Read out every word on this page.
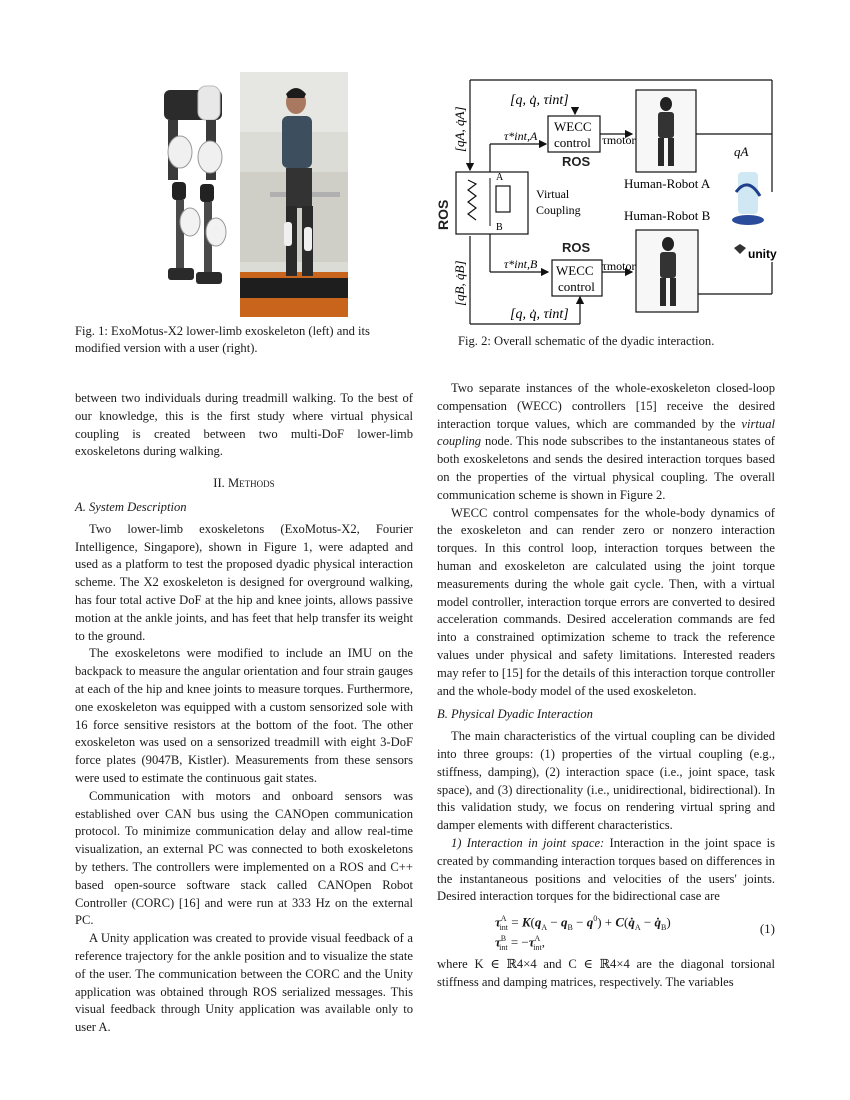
Fig. 1: ExoMotus-X2 lower-limb exoskeleton (left) and its modified version with a user (right).
[q, q̇, τint]
A
B
Virtual
Coupling
ROS
WECC
control
ROS
τ*int,A	τmotor
Human-Robot A
qA
unity
ROS
τ*int,B WECC
control
τmotor
Human-Robot B
[q, q̇, τint]
[qA, q̇A]
[qB, q̇B]
Fig. 2: Overall schematic of the dyadic interaction.

between two individuals during treadmill walking. To the best of our knowledge, this is the first study where virtual physical coupling is created between two multi-DoF lower-limb exoskeletons during walking.

II. Methods
A. System Description

Two lower-limb exoskeletons (ExoMotus-X2, Fourier Intelligence, Singapore), shown in Figure 1, were adapted and used as a platform to test the proposed dyadic physical interaction scheme. The X2 exoskeleton is designed for overground walking, has four total active DoF at the hip and knee joints, allows passive motion at the ankle joints, and has feet that help transfer its weight to the ground.

The exoskeletons were modified to include an IMU on the backpack to measure the angular orientation and four strain gauges at each of the hip and knee joints to measure torques. Furthermore, one exoskeleton was equipped with a custom sensorized sole with 16 force sensitive resistors at the bottom of the foot. The other exoskeleton was used on a sensorized treadmill with eight 3-DoF force plates (9047B, Kistler). Measurements from these sensors were used to estimate the continuous gait states.

Communication with motors and onboard sensors was established over CAN bus using the CANOpen communication protocol. To minimize communication delay and allow real-time visualization, an external PC was connected to both exoskeletons by tethers. The controllers were implemented on a ROS and C++ based open-source software stack called CANOpen Robot Controller (CORC) [16] and were run at 333 Hz on the external PC.

A Unity application was created to provide visual feedback of a reference trajectory for the ankle position and to visualize the state of the user. The communication between the CORC and the Unity application was obtained through ROS serialized messages. This visual feedback through Unity application was available only to user A.

Two separate instances of the whole-exoskeleton closed-loop compensation (WECC) controllers [15] receive the desired interaction torque values, which are commanded by the virtual coupling node. This node subscribes to the instantaneous states of both exoskeletons and sends the desired interaction torques based on the properties of the virtual physical coupling. The overall communication scheme is shown in Figure 2.

WECC control compensates for the whole-body dynamics of the exoskeleton and can render zero or nonzero interaction torques. In this control loop, interaction torques between the human and exoskeleton are calculated using the joint torque measurements during the whole gait cycle. Then, with a virtual model controller, interaction torque errors are converted to desired acceleration commands. Desired acceleration commands are fed into a constrained optimization scheme to track the reference values under physical and safety limitations. Interested readers may refer to [15] for the details of this interaction torque controller and the whole-body model of the used exoskeleton.

B. Physical Dyadic Interaction

The main characteristics of the virtual coupling can be divided into three groups: (1) properties of the virtual coupling (e.g., stiffness, damping), (2) interaction space (i.e., joint space, task space), and (3) directionality (i.e., unidirectional, bidirectional). In this validation study, we focus on rendering virtual spring and damper elements with different characteristics.

1) Interaction in joint space: Interaction in the joint space is created by commanding interaction torques based on differences in the instantaneous positions and velocities of the users' joints. Desired interaction torques for the bidirectional case are

$\tau^A_{int} = K(q_A - q_B - q^0)$ + $C(q̇_A$ − $q̇_B$)
$\tau^B_{int} = -\tau^A_{int}$,
(1)

where K ∈ ℝ4×4 and C ∈ ℝ4×4 are the diagonal torsional stiffness and damping matrices, respectively. The variables
